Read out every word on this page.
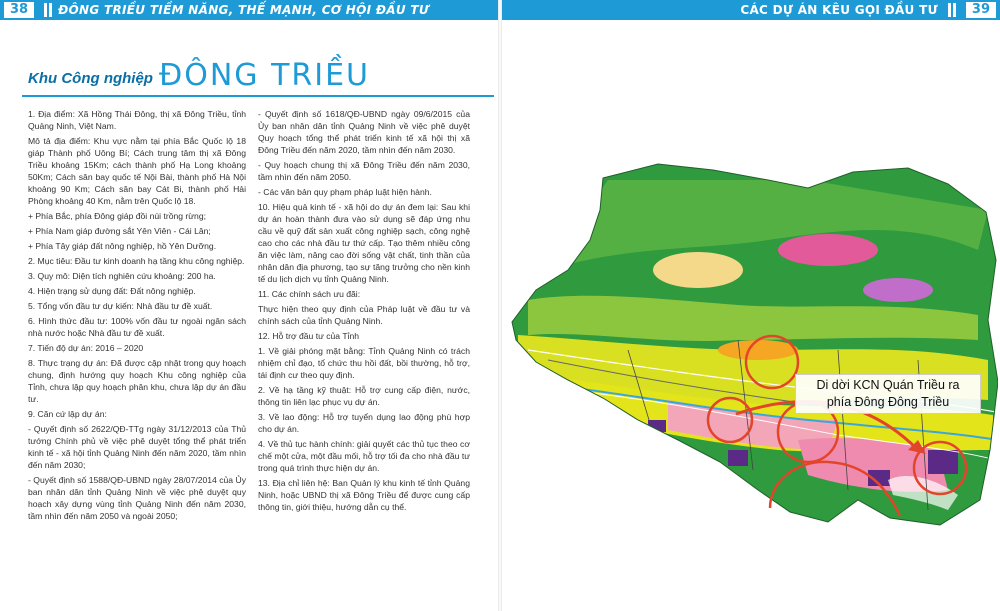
38	ĐÔNG TRIỀU TIỀM NĂNG, THẾ MẠNH, CƠ HỘI ĐẦU TƯ	CÁC DỰ ÁN KÊU GỌI ĐẦU TƯ	39
Khu Công nghiệp ĐÔNG TRIỀU

1. Địa điểm: Xã Hồng Thái Đông, thị xã Đông Triều, tỉnh Quảng Ninh, Việt Nam.

Mô tả địa điểm: Khu vực nằm tại phía Bắc Quốc lộ 18 giáp Thành phố Uông Bí; Cách trung tâm thị xã Đông Triều khoảng 15Km; cách thành phố Hạ Long khoảng 50Km; Cách sân bay quốc tế Nội Bài, thành phố Hà Nội khoảng 90 Km; Cách sân bay Cát Bi, thành phố Hải Phòng khoảng 40 Km, nằm trên Quốc lộ 18.

+ Phía Bắc, phía Đông giáp đồi núi trồng rừng;

+ Phía Nam giáp đường sắt Yên Viên - Cái Lân;

+ Phía Tây giáp đất nông nghiệp, hồ Yên Dưỡng.

2. Mục tiêu: Đầu tư kinh doanh hạ tầng khu công nghiệp.

3. Quy mô: Diện tích nghiên cứu khoảng: 200 ha.

4. Hiện trạng sử dụng đất: Đất nông nghiệp.

5. Tổng vốn đầu tư dự kiến: Nhà đầu tư đề xuất.

6. Hình thức đầu tư: 100% vốn đầu tư ngoài ngân sách nhà nước hoặc Nhà đầu tư đề xuất.

7. Tiến độ dự án: 2016 – 2020

8. Thực trạng dự án: Đã được cập nhật trong quy hoạch chung, định hướng quy hoạch Khu công nghiệp của Tỉnh, chưa lập quy hoạch phân khu, chưa lập dự án đầu tư.

9. Căn cứ lập dự án:

- Quyết định số 2622/QĐ-TTg ngày 31/12/2013 của Thủ tướng Chính phủ về việc phê duyệt tổng thể phát triển kinh tế - xã hội tỉnh Quảng Ninh đến năm 2020, tầm nhìn đến năm 2030;

- Quyết định số 1588/QĐ-UBND ngày 28/07/2014 của Ủy ban nhân dân tỉnh Quảng Ninh về việc phê duyệt quy hoạch xây dựng vùng tỉnh Quảng Ninh đến năm 2030, tầm nhìn đến năm 2050 và ngoài 2050;

- Quyết định số 1618/QĐ-UBND ngày 09/6/2015 của Ủy ban nhân dân tỉnh Quảng Ninh về việc phê duyệt Quy hoạch tổng thể phát triển kinh tế xã hội thị xã Đông Triều đến năm 2020, tầm nhìn đến năm 2030.

- Quy hoạch chung thị xã Đông Triều đến năm 2030, tầm nhìn đến năm 2050.

- Các văn bản quy phạm pháp luật hiện hành.

10. Hiệu quả kinh tế - xã hội do dự án đem lại: Sau khi dự án hoàn thành đưa vào sử dụng sẽ đáp ứng nhu cầu về quỹ đất sản xuất công nghiệp sạch, công nghệ cao cho các nhà đầu tư thứ cấp. Tạo thêm nhiều công ăn việc làm, nâng cao đời sống vật chất, tinh thần của nhân dân địa phương, tạo sự tăng trưởng cho nền kinh tế du lịch dịch vụ tỉnh Quảng Ninh.

11. Các chính sách ưu đãi:

Thực hiện theo quy định của Pháp luật về đầu tư và chính sách của tỉnh Quảng Ninh.

12. Hỗ trợ đầu tư của Tỉnh

1. Về giải phóng mặt bằng: Tỉnh Quảng Ninh có trách nhiệm chỉ đạo, tổ chức thu hồi đất, bồi thường, hỗ trợ, tái định cư theo quy định.

2. Về hạ tầng kỹ thuật: Hỗ trợ cung cấp điện, nước, thông tin liên lạc phục vụ dự án.

3. Về lao động: Hỗ trợ tuyển dụng lao động phù hợp cho dự án.

4. Về thủ tục hành chính: giải quyết các thủ tục theo cơ chế một cửa, một đầu mối, hỗ trợ tối đa cho nhà đầu tư trong quá trình thực hiện dự án.

13. Địa chỉ liên hệ: Ban Quản lý khu kinh tế tỉnh Quảng Ninh, hoặc UBND thị xã Đông Triều để được cung cấp thông tin, giới thiệu, hướng dẫn cụ thể.

Di dời KCN Quán Triều ra
phía Đông Đông Triều
